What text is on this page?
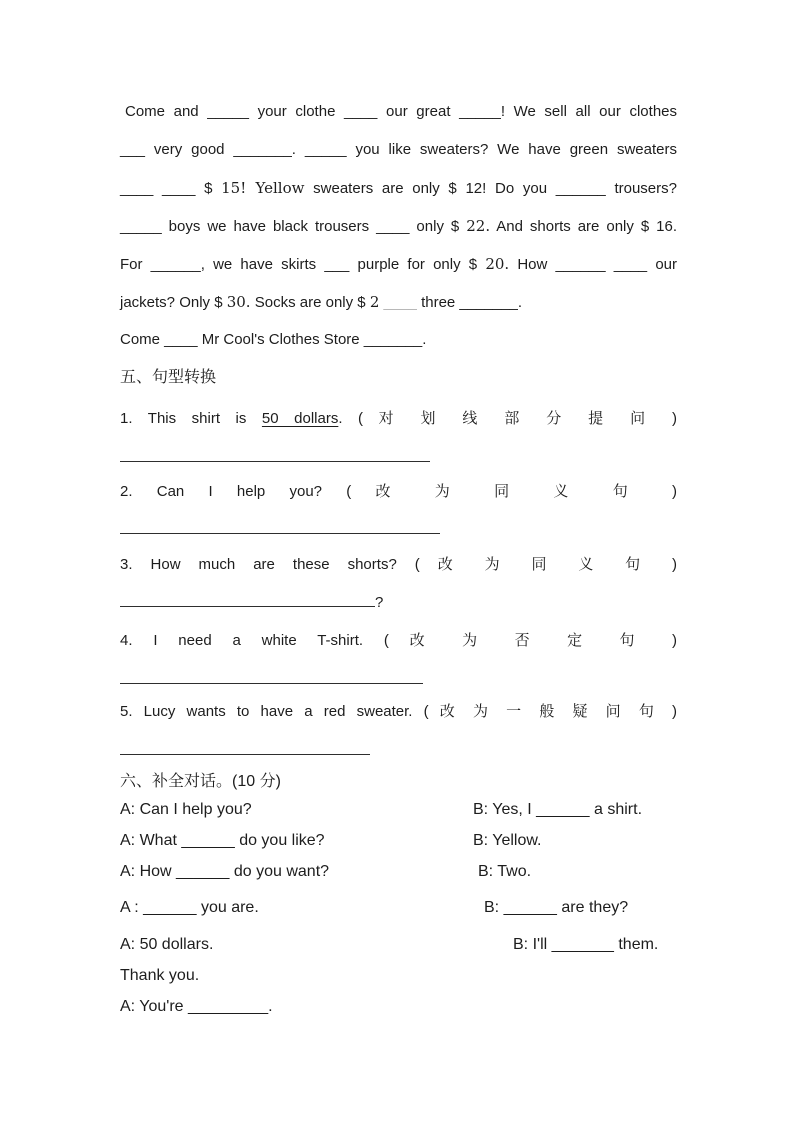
Come and _____ your clothe ____ our great _____! We sell all our clothes
___ very good _______. _____ you like sweaters? We have green sweaters
____ ____ $ 15! Yellow sweaters are only $ 12! Do you ______ trousers?
_____ boys we have black trousers ____ only $ 22. And shorts are only $ 16.
For ______, we have skirts ___ purple for only $ 20. How ______ ____ our
jackets? Only $ 30. Socks are only $ 2 ____ three _______.
Come ____ Mr Cool's Clothes Store _______.
五、句型转换
1. This shirt is 50 dollars. ( 对 划 线 部 分 提 问 )
2. Can I help you? ( 改 为 同 义 句 )
3. How much are these shorts? ( 改 为 同 义 句 )
?
4. I need a white T-shirt. ( 改 为 否 定 句 )
5. Lucy wants to have a red sweater. ( 改 为 一 般 疑 问 句 )
六、补全对话。(10 分)
A: Can I help you?	B: Yes, I ______ a shirt.
A: What ______ do you like?	B: Yellow.
A: How ______ do you want?	B: Two.
A : ______ you are.	B: ______ are they?
A: 50 dollars.	B: I'll _______ them.
Thank you.
A: You're _________.
